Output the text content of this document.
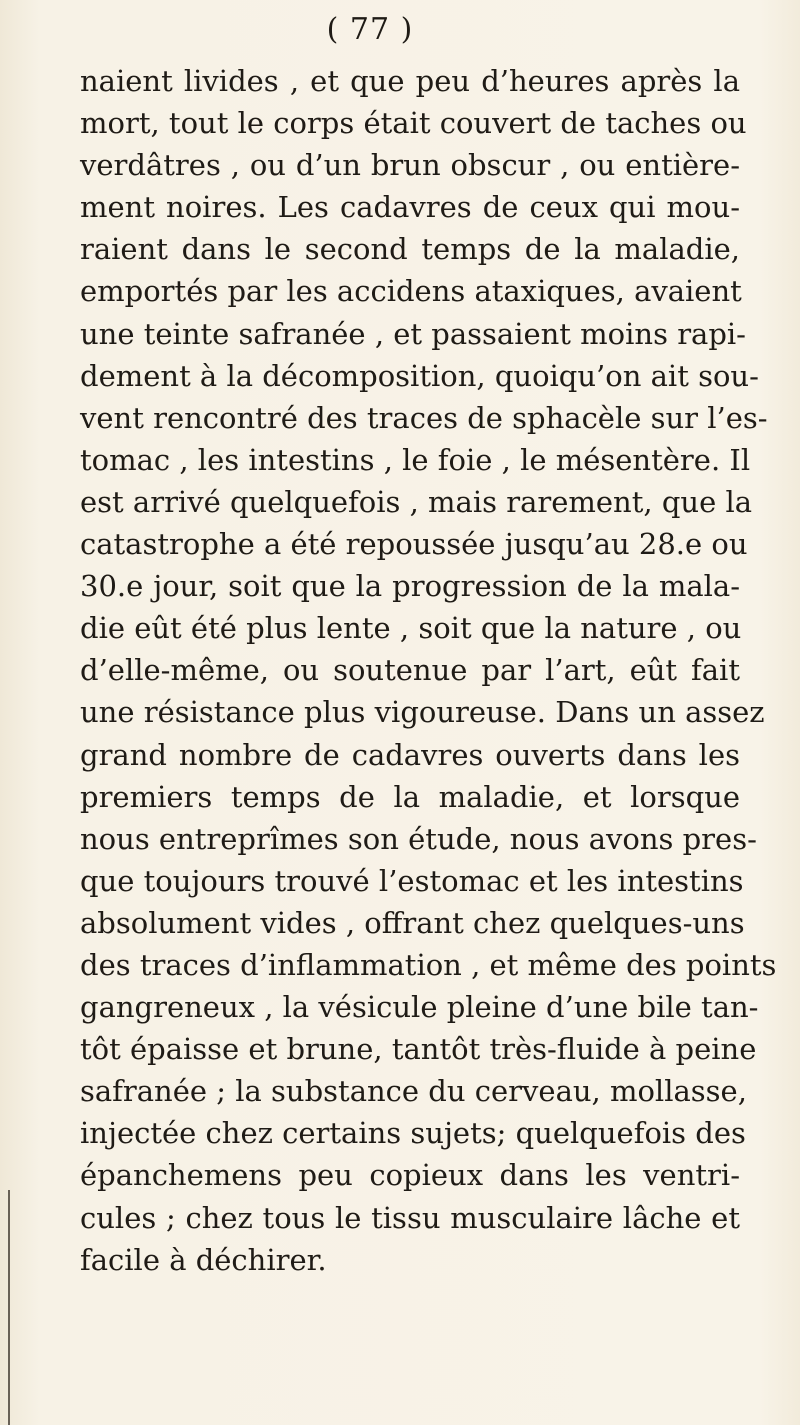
( 77 )
naient livides , et que peu d’heures après la
mort, tout le corps était couvert de taches ou
verdâtres , ou d’un brun obscur , ou entière-
ment noires. Les cadavres de ceux qui mou-
raient dans le second temps de la maladie,
emportés par les accidens ataxiques, avaient
une teinte safranée , et passaient moins rapi-
dement à la décomposition, quoiqu’on ait sou-
vent rencontré des traces de sphacèle sur l’es-
tomac , les intestins , le foie , le mésentère. Il
est arrivé quelquefois , mais rarement, que la
catastrophe a été repoussée jusqu’au 28.e ou
30.e jour, soit que la progression de la mala-
die eût été plus lente , soit que la nature , ou
d’elle-même, ou soutenue par l’art, eût fait
une résistance plus vigoureuse. Dans un assez
grand nombre de cadavres ouverts dans les
premiers temps de la maladie, et lorsque
nous entreprîmes son étude, nous avons pres-
que toujours trouvé l’estomac et les intestins
absolument vides , offrant chez quelques-uns
des traces d’inflammation , et même des points
gangreneux , la vésicule pleine d’une bile tan-
tôt épaisse et brune, tantôt très-fluide à peine
safranée ; la substance du cerveau, mollasse,
injectée chez certains sujets; quelquefois des
épanchemens peu copieux dans les ventri-
cules ; chez tous le tissu musculaire lâche et
facile à déchirer.
